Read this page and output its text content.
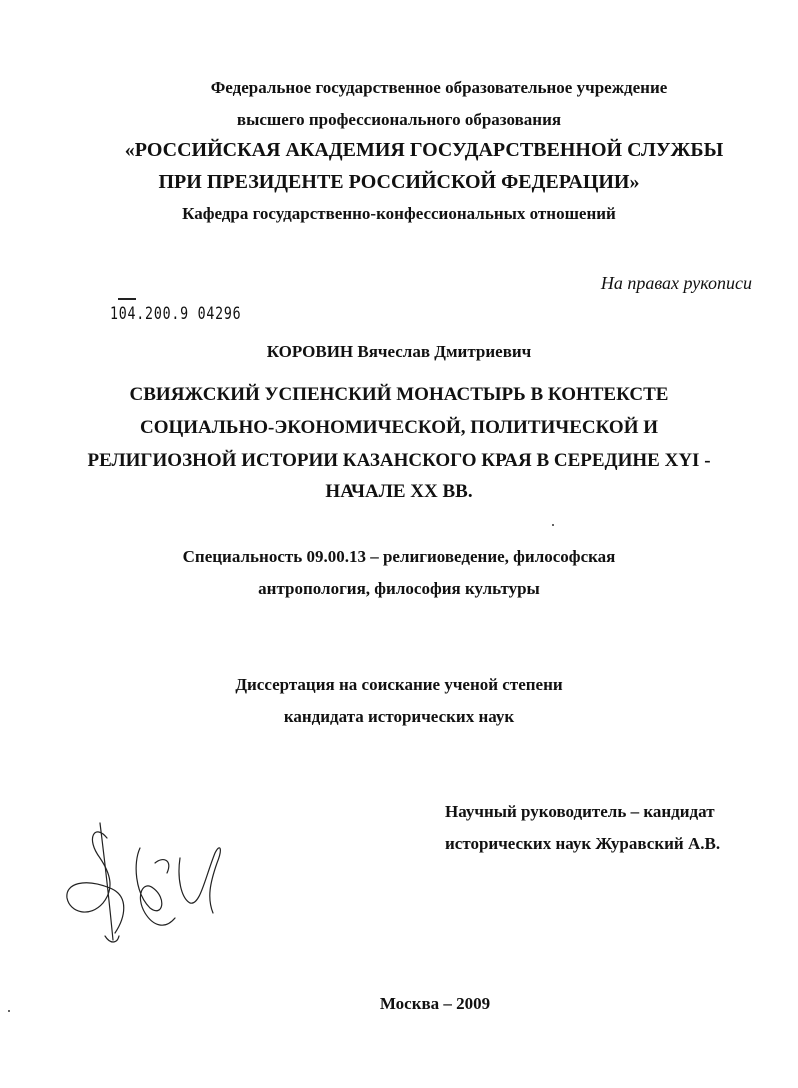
Федеральное государственное образовательное учреждение
высшего профессионального образования
«РОССИЙСКАЯ АКАДЕМИЯ ГОСУДАРСТВЕННОЙ СЛУЖБЫ
ПРИ ПРЕЗИДЕНТЕ РОССИЙСКОЙ ФЕДЕРАЦИИ»
Кафедра государственно-конфессиональных отношений
На правах рукописи
104.200.9 04296
КОРОВИН Вячеслав Дмитриевич
СВИЯЖСКИЙ УСПЕНСКИЙ МОНАСТЫРЬ В КОНТЕКСТЕ
СОЦИАЛЬНО-ЭКОНОМИЧЕСКОЙ, ПОЛИТИЧЕСКОЙ И
РЕЛИГИОЗНОЙ ИСТОРИИ КАЗАНСКОГО КРАЯ В СЕРЕДИНЕ XYI -
НАЧАЛЕ XX ВВ.
Специальность 09.00.13 – религиоведение, философская
антропология, философия культуры
Диссертация на соискание ученой степени
кандидата исторических наук
Научный руководитель – кандидат
исторических наук Журавский А.В.
Москва – 2009
